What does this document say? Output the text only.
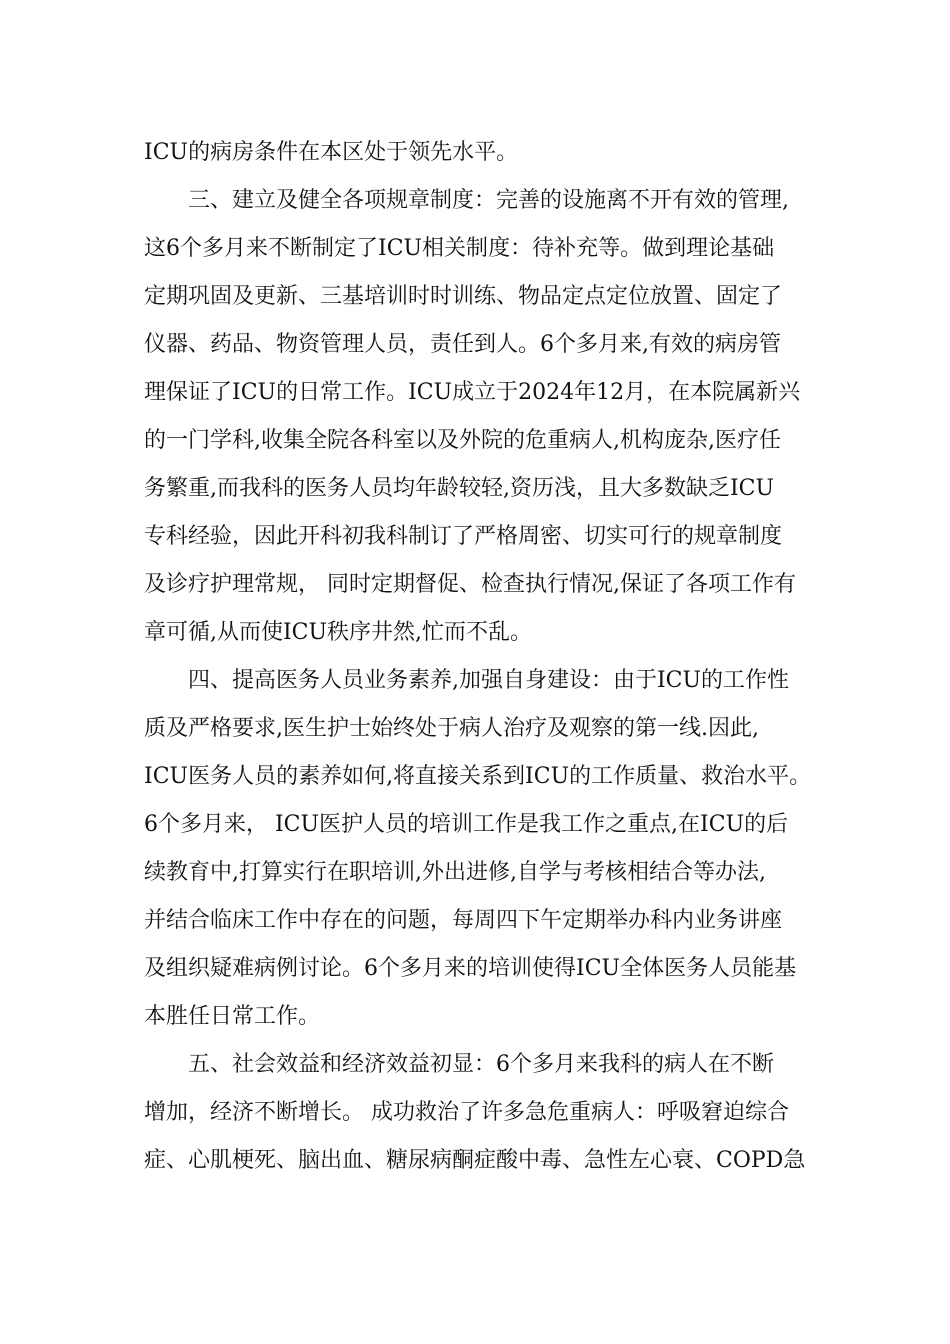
ICU的病房条件在本区处于领先水平。
三、建立及健全各项规章制度：完善的设施离不开有效的管理,
这6个多月来不断制定了ICU相关制度：待补充等。做到理论基础
定期巩固及更新、三基培训时时训练、物品定点定位放置、固定了
仪器、药品、物资管理人员，责任到人。6个多月来,有效的病房管
理保证了ICU的日常工作。ICU成立于2024年12月，在本院属新兴
的一门学科,收集全院各科室以及外院的危重病人,机构庞杂,医疗任
务繁重,而我科的医务人员均年龄较轻,资历浅，且大多数缺乏ICU
专科经验，因此开科初我科制订了严格周密、切实可行的规章制度
及诊疗护理常规， 同时定期督促、检查执行情况,保证了各项工作有
章可循,从而使ICU秩序井然,忙而不乱。
四、提高医务人员业务素养,加强自身建设：由于ICU的工作性
质及严格要求,医生护士始终处于病人治疗及观察的第一线.因此,
ICU医务人员的素养如何,将直接关系到ICU的工作质量、救治水平。
6个多月来， ICU医护人员的培训工作是我工作之重点,在ICU的后
续教育中,打算实行在职培训,外出进修,自学与考核相结合等办法,
并结合临床工作中存在的问题，每周四下午定期举办科内业务讲座
及组织疑难病例讨论。6个多月来的培训使得ICU全体医务人员能基
本胜任日常工作。
五、社会效益和经济效益初显：6个多月来我科的病人在不断
增加，经济不断增长。 成功救治了许多急危重病人：呼吸窘迫综合
症、心肌梗死、脑出血、糖尿病酮症酸中毒、急性左心衰、COPD急
